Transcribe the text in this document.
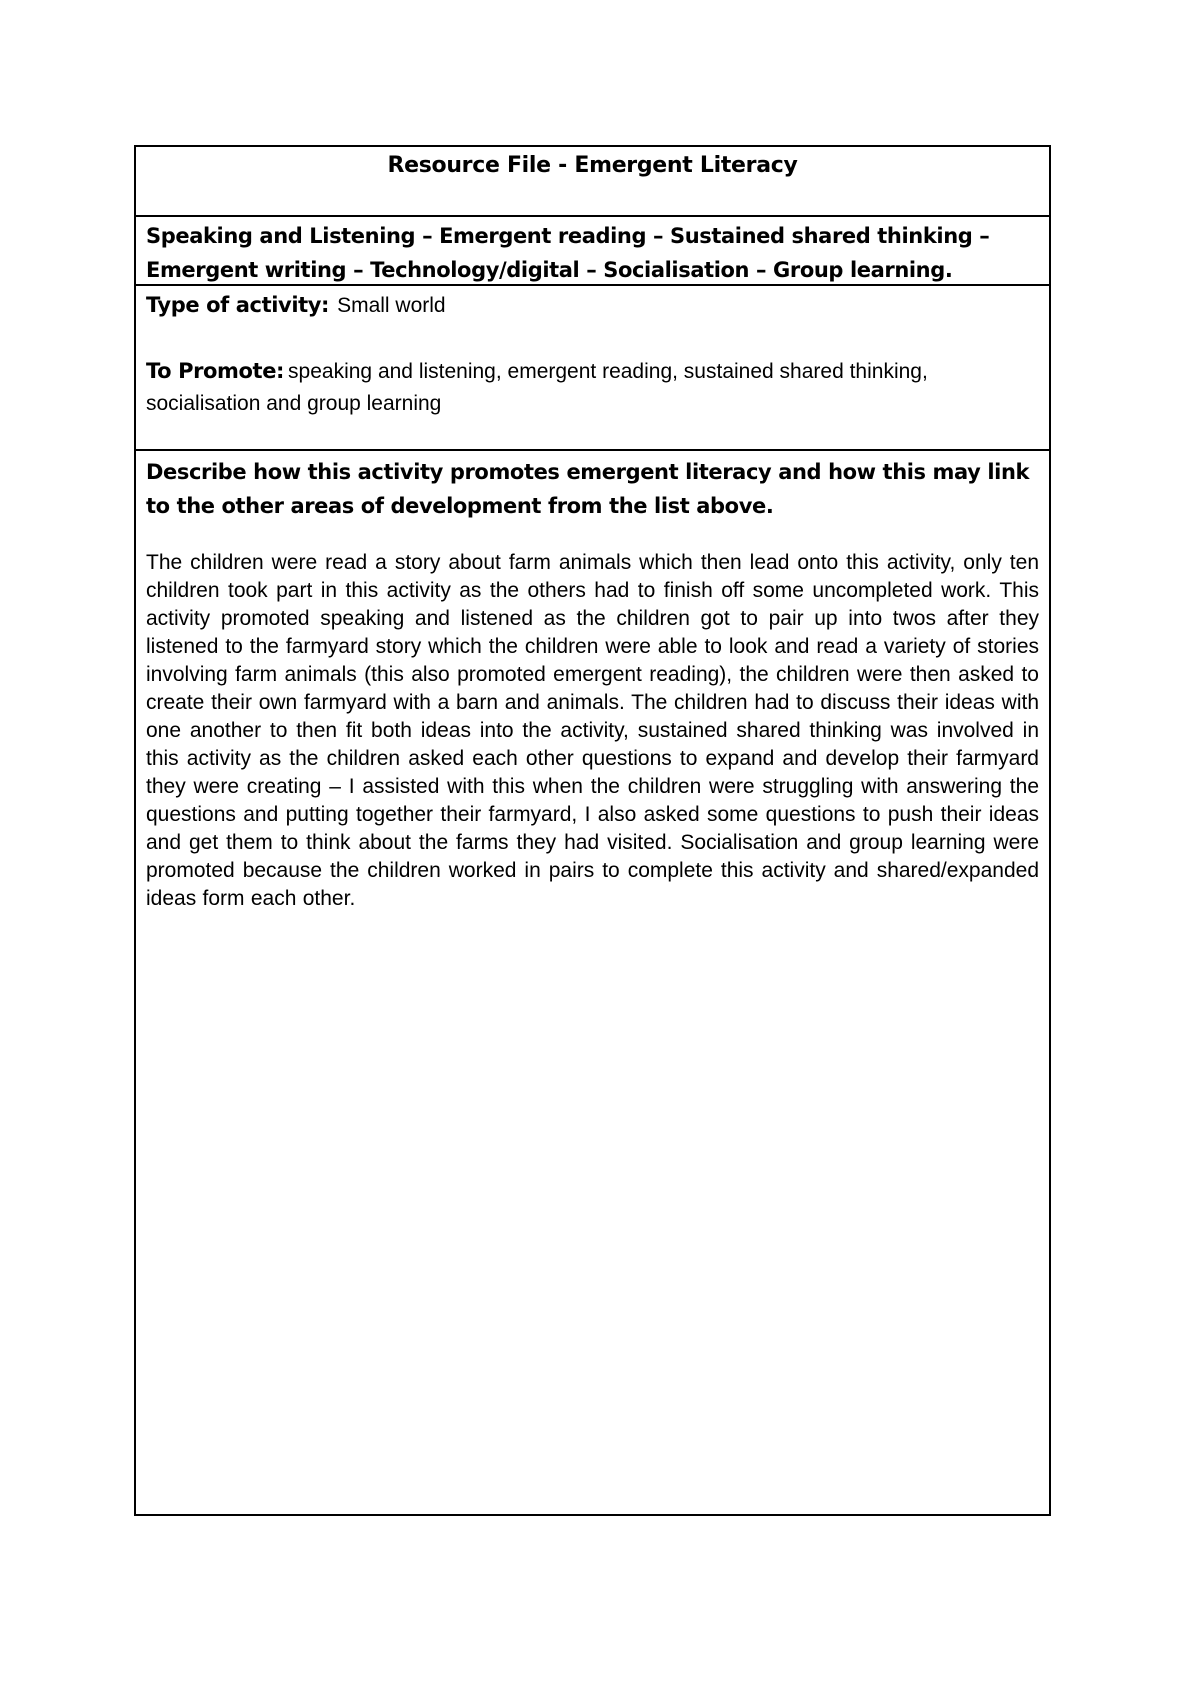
Resource File - Emergent Literacy

Speaking and Listening – Emergent reading – Sustained shared thinking – Emergent writing – Technology/digital – Socialisation – Group learning.

Type of activity: Small world

To Promote: speaking and listening, emergent reading, sustained shared thinking, socialisation and group learning

Describe how this activity promotes emergent literacy and how this may link to the other areas of development from the list above.

The children were read a story about farm animals which then lead onto this activity, only ten children took part in this activity as the others had to finish off some uncompleted work. This activity promoted speaking and listened as the children got to pair up into twos after they listened to the farmyard story which the children were able to look and read a variety of stories involving farm animals (this also promoted emergent reading), the children were then asked to create their own farmyard with a barn and animals. The children had to discuss their ideas with one another to then fit both ideas into the activity, sustained shared thinking was involved in this activity as the children asked each other questions to expand and develop their farmyard they were creating – I assisted with this when the children were struggling with answering the questions and putting together their farmyard, I also asked some questions to push their ideas and get them to think about the farms they had visited. Socialisation and group learning were promoted because the children worked in pairs to complete this activity and shared/expanded ideas form each other.
